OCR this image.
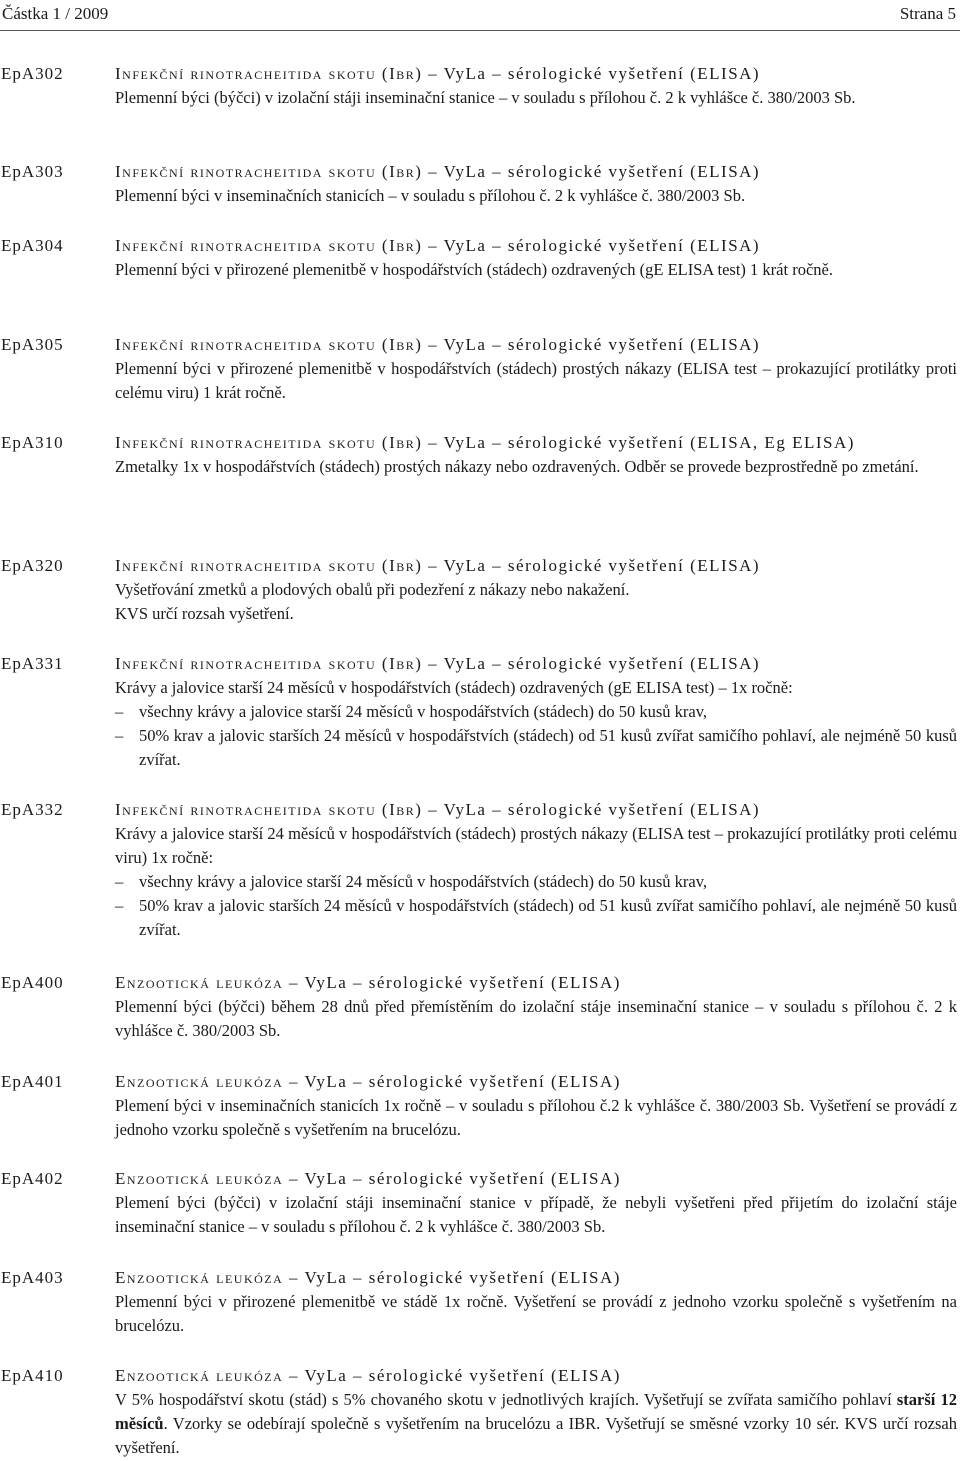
Částka 1 / 2009	Strana 5
EpA302	Infekční rinotracheitida skotu (Ibr) – VyLa – sérologické vyšetření (ELISA)
Plemenní býci (býčci) v izolační stáji inseminační stanice – v souladu s přílohou č. 2 k vyhlášce č. 380/2003 Sb.
EpA303	Infekční rinotracheitida skotu (Ibr) – VyLa – sérologické vyšetření (ELISA)
Plemenní býci v inseminačních stanicích – v souladu s přílohou č. 2 k vyhlášce č. 380/2003 Sb.
EpA304	Infekční rinotracheitida skotu (Ibr) – VyLa – sérologické vyšetření (ELISA)
Plemenní býci v přirozené plemenitbě v hospodářstvích (stádech) ozdravených (gE ELISA test) 1 krát ročně.
EpA305	Infekční rinotracheitida skotu (Ibr) – VyLa – sérologické vyšetření (ELISA)
Plemenní býci v přirozené plemenitbě v hospodářstvích (stádech) prostých nákazy (ELISA test – prokazující protilátky proti celému viru) 1 krát ročně.
EpA310	Infekční rinotracheitida skotu (Ibr) – VyLa – sérologické vyšetření (ELISA, Eg ELISA)
Zmetalky 1x v hospodářstvích (stádech) prostých nákazy nebo ozdravených. Odběr se provede bezprostředně po zmetání.
EpA320	Infekční rinotracheitida skotu (Ibr) – VyLa – sérologické vyšetření (ELISA)
Vyšetřování zmetků a plodových obalů při podezření z nákazy nebo nakažení.
KVS určí rozsah vyšetření.
EpA331	Infekční rinotracheitida skotu (Ibr) – VyLa – sérologické vyšetření (ELISA)
Krávy a jalovice starší 24 měsíců v hospodářstvích (stádech) ozdravených (gE ELISA test) – 1x ročně:
– všechny krávy a jalovice starší 24 měsíců v hospodářstvích (stádech) do 50 kusů krav,
– 50% krav a jalovic starších 24 měsíců v hospodářstvích (stádech) od 51 kusů zvířat samičího pohlaví, ale nejméně 50 kusů zvířat.
EpA332	Infekční rinotracheitida skotu (Ibr) – VyLa – sérologické vyšetření (ELISA)
Krávy a jalovice starší 24 měsíců v hospodářstvích (stádech) prostých nákazy (ELISA test – prokazující protilátky proti celému viru) 1x ročně:
– všechny krávy a jalovice starší 24 měsíců v hospodářstvích (stádech) do 50 kusů krav,
– 50% krav a jalovic starších 24 měsíců v hospodářstvích (stádech) od 51 kusů zvířat samičího pohlaví, ale nejméně 50 kusů zvířat.
EpA400	Enzootická leukóza – VyLa – sérologické vyšetření (ELISA)
Plemenní býci (býčci) během 28 dnů před přemístěním do izolační stáje inseminační stanice – v souladu s přílohou č. 2 k vyhlášce č. 380/2003 Sb.
EpA401	Enzootická leukóza – VyLa – sérologické vyšetření (ELISA)
Plemení býci v inseminačních stanicích 1x ročně – v souladu s přílohou č.2 k vyhlášce č. 380/2003 Sb. Vyšetření se provádí z jednoho vzorku společně s vyšetřením na brucelózu.
EpA402	Enzootická leukóza – VyLa – sérologické vyšetření (ELISA)
Plemení býci (býčci) v izolační stáji inseminační stanice v případě, že nebyli vyšetřeni před přijetím do izolační stáje inseminační stanice – v souladu s přílohou č. 2 k vyhlášce č. 380/2003 Sb.
EpA403	Enzootická leukóza – VyLa – sérologické vyšetření (ELISA)
Plemenní býci v přirozené plemenitbě ve stádě 1x ročně. Vyšetření se provádí z jednoho vzorku společně s vyšetřením na brucelózu.
EpA410	Enzootická leukóza – VyLa – sérologické vyšetření (ELISA)
V 5% hospodářství skotu (stád) s 5% chovaného skotu v jednotlivých krajích. Vyšetřují se zvířata samičího pohlaví starší 12 měsíců. Vzorky se odebírají společně s vyšetřením na brucelózu a IBR. Vyšetřují se směsné vzorky 10 sér. KVS určí rozsah vyšetření.
